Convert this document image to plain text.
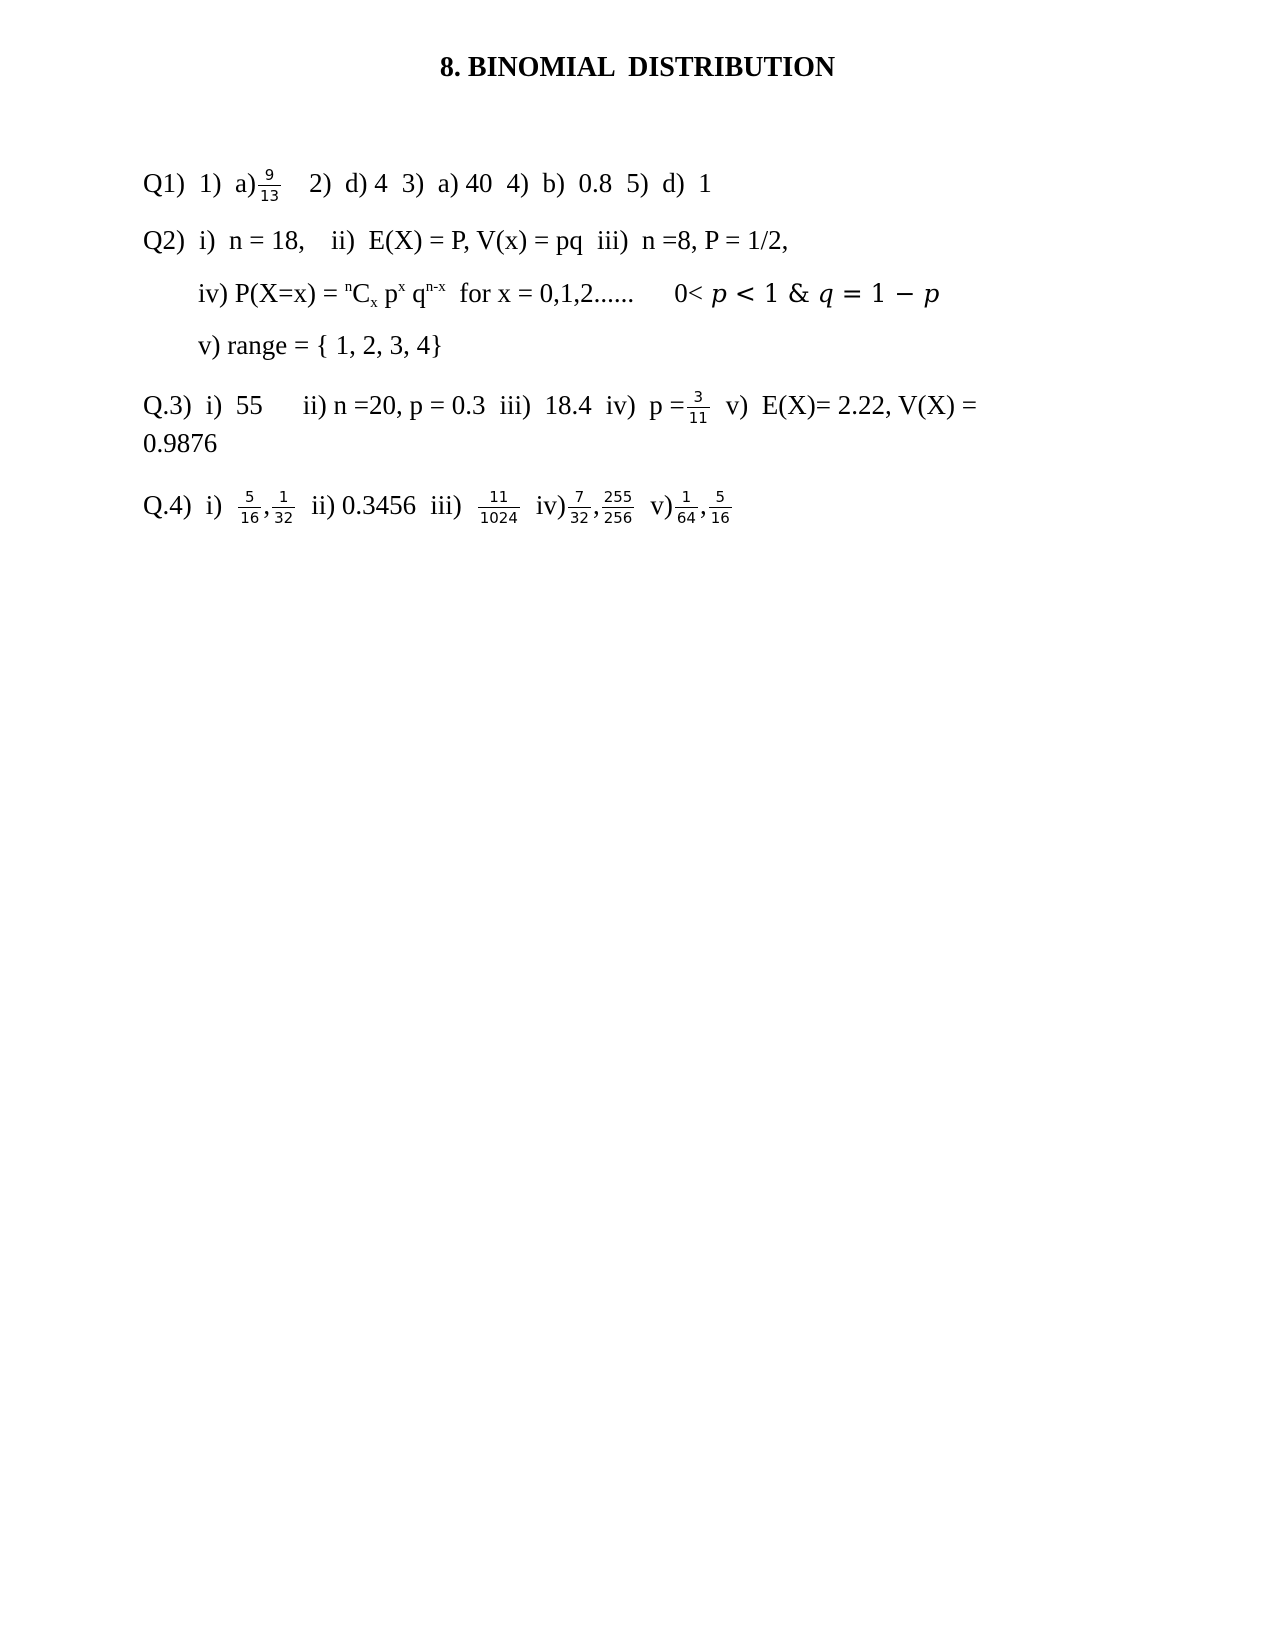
8. BINOMIAL  DISTRIBUTION
Q1) 1)  $a) \frac{9}{13} 2$)  d) 4 3)  a) 40 4)  b)  0.8 5)  d)  1
Q2) i)  n = 18, ii)  E(X) = P, V(x) = pq iii)  n =8, P = 1/2,
iv) $P(X=x) = ^nC_x$ $p^x$ $q^{n-x}$  for x = 0,1,2...... 0< p < 1 & q = 1 − p
v) range = { 1, 2, 3, 4}
Q.3) i)  55 ii) n =20, p = 0.3 iii)  18.4 iv)  $p = \frac{3}{11} v$)  E(X)= 2.22, V(X) =
0.9876
Q.4) $i) \frac{5}{16}$ , $\frac{1}{32} ii$) 0.3456 $iii) \frac{11}{1024} iv) \frac{7}{32}$ , $\frac{255}{256} v) \frac{1}{64}$ , $\frac{5}{16}$
